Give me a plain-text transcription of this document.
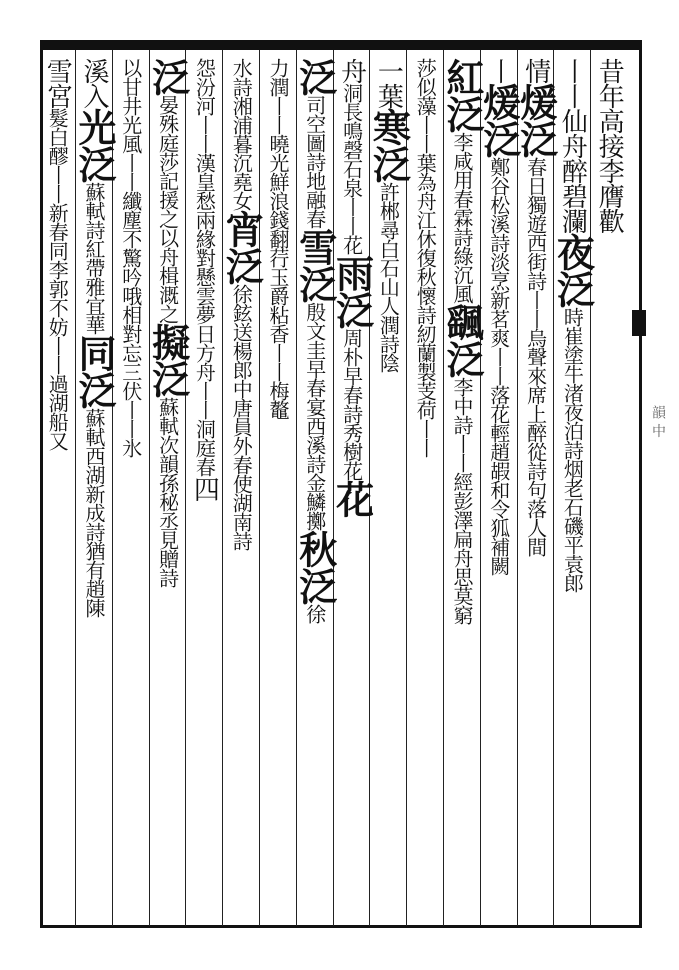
韻 中
昔年高接李膺歡
丨丨仙舟醉碧瀾夜泛時崔塗牛渚夜泊詩烟老石磯平袁郎
情煖泛春日獨遊西街詩丨丨烏聲來席上醉從詩句落人間
丨煖泛鄭谷松溪詩淡烹新茗爽丨丨落花輕趙嘏和令狐補闕
紅泛李咸用春霖詩綠沉風颻泛李中詩丨丨經彭澤扁舟思莫窮
莎似藻丨丨葉為舟江休復秋懷詩紉蘭製芰荷丨丨
一葉寒泛許郴尋白石山人潤詩陰
舟洞長鳴磬石泉丨丨花雨泛周朴早春詩秀樹花花
泛司空圖詩地融春雪泛殷文圭早春宴西溪詩金鱗擲秋泛徐
力潤丨丨曉光鮮浪錢翻荇玉爵粘香丨丨梅鼇
水詩湘浦暮沉堯女宵泛徐鉉送楊郎中唐員外春使湖南詩
怨汾河丨丨漢皇愁兩緣對懸雲夢日方舟丨丨洞庭春四
泛晏殊庭莎記援之以舟楫溉之擬泛蘇軾次韻孫秘丞見贈詩
以甘井光風丨丨纖塵不驚吟哦相對忘三伏丨丨氷
溪入光泛蘇軾詩紅帶雅宜華同泛蘇軾西湖新成詩猶有趙陳
雪宮髮白醪丨丨新春同李郭不妨丨丨過湖船又
